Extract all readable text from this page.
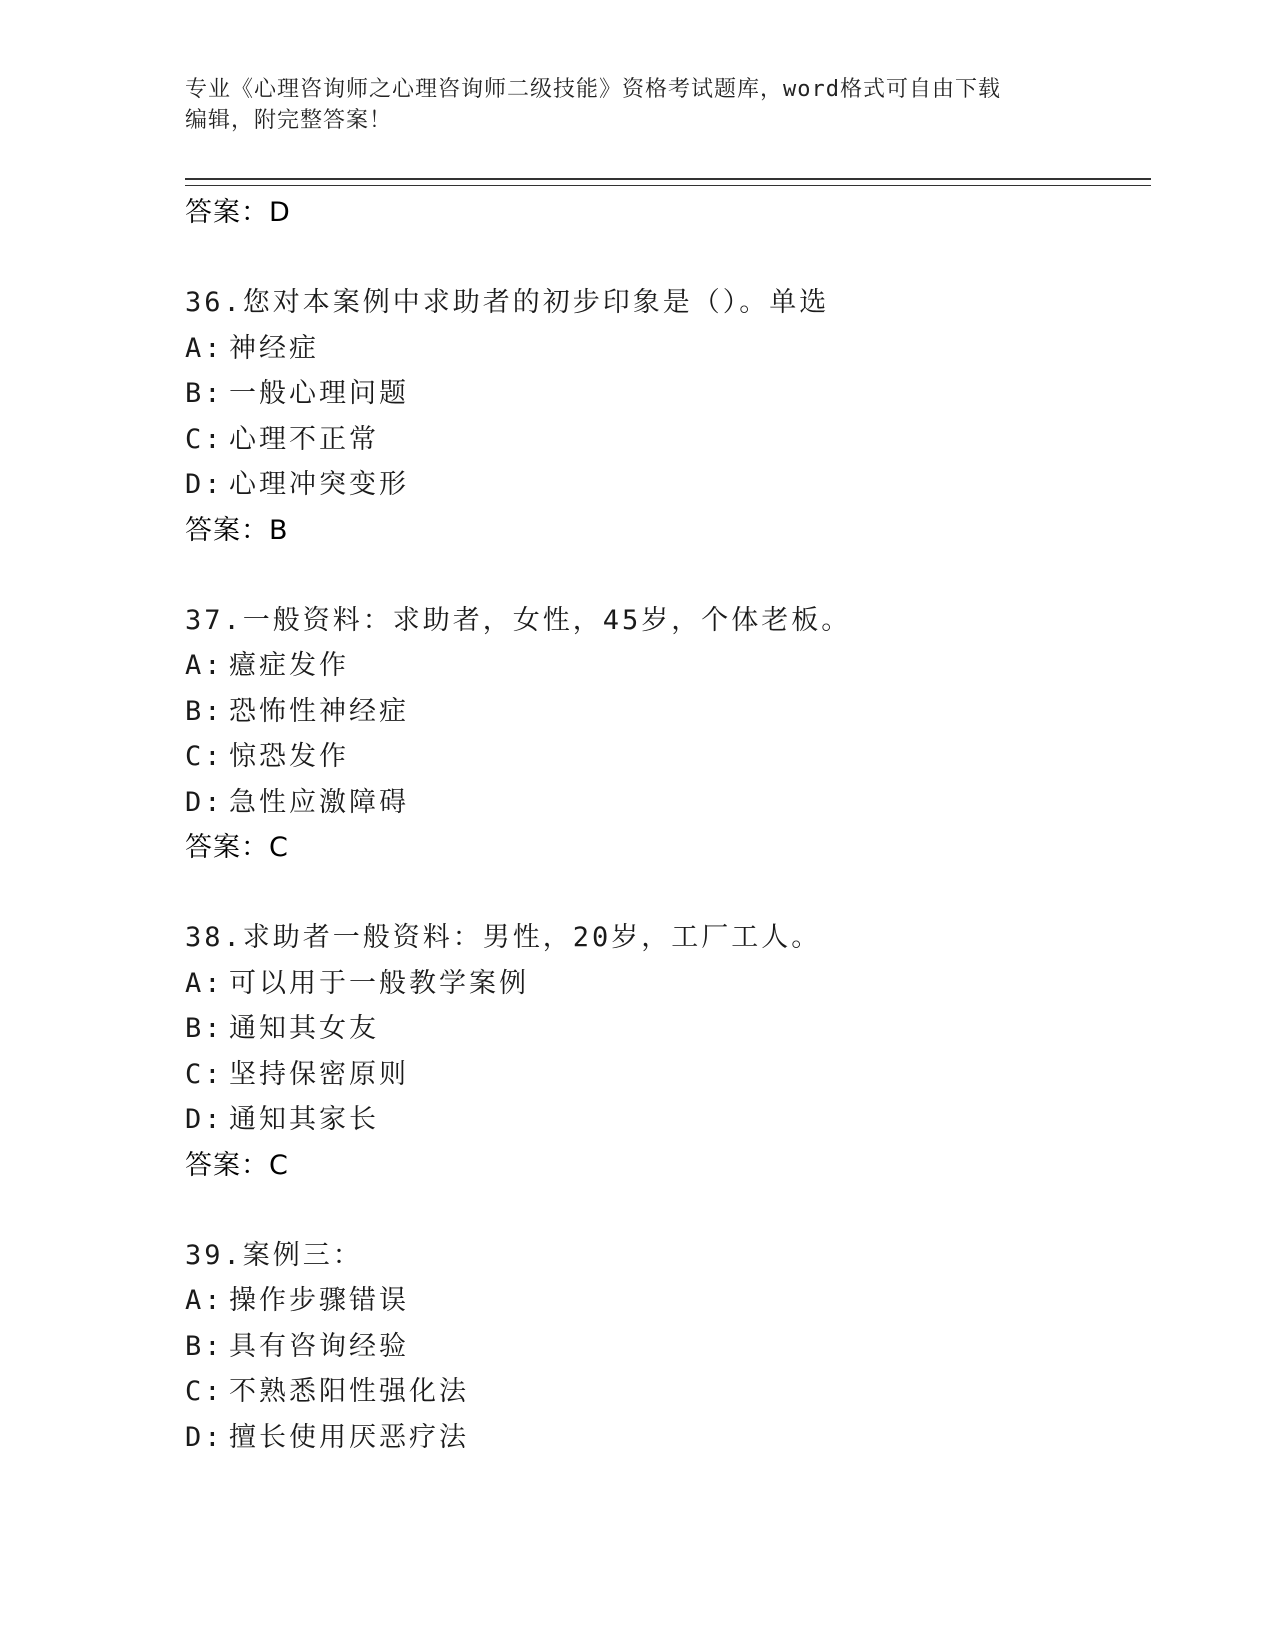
专业《心理咨询师之心理咨询师二级技能》资格考试题库，word格式可自由下载
编辑，附完整答案！
答案：D
36.您对本案例中求助者的初步印象是（）。单选
A: 神经症
B: 一般心理问题
C: 心理不正常
D: 心理冲突变形
答案：B
37.一般资料：求助者，女性，45岁，个体老板。
A: 癔症发作
B: 恐怖性神经症
C: 惊恐发作
D: 急性应激障碍
答案：C
38.求助者一般资料：男性，20岁，工厂工人。
A: 可以用于一般教学案例
B: 通知其女友
C: 坚持保密原则
D: 通知其家长
答案：C
39.案例三：
A: 操作步骤错误
B: 具有咨询经验
C: 不熟悉阳性强化法
D: 擅长使用厌恶疗法
